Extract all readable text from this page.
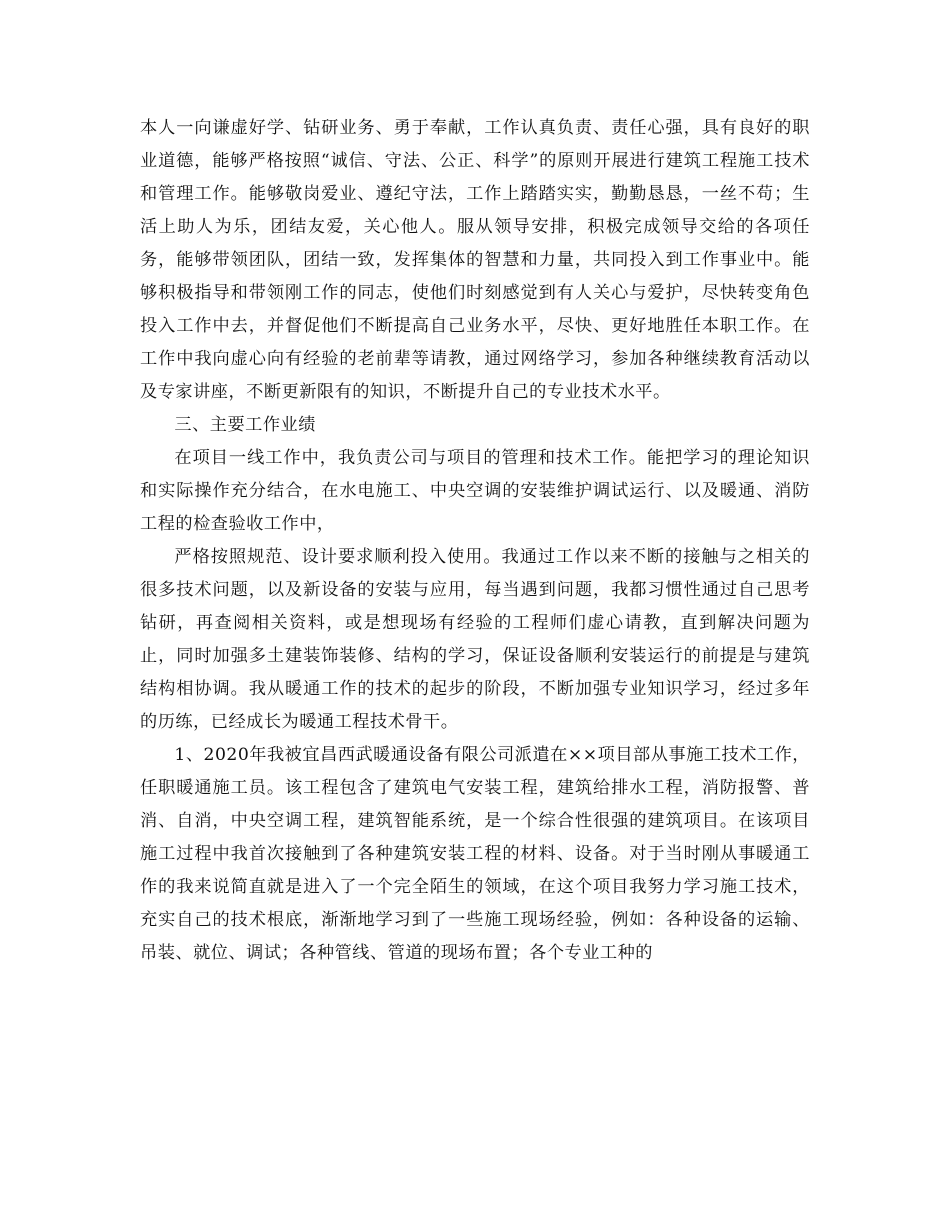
本人一向谦虚好学、钻研业务、勇于奉献，工作认真负责、责任心强，具有良好的职业道德，能够严格按照“诚信、守法、公正、科学”的原则开展进行建筑工程施工技术和管理工作。能够敬岗爱业、遵纪守法，工作上踏踏实实，勤勤恳恳，一丝不苟；生活上助人为乐，团结友爱，关心他人。服从领导安排，积极完成领导交给的各项任务，能够带领团队，团结一致，发挥集体的智慧和力量，共同投入到工作事业中。能够积极指导和带领刚工作的同志，使他们时刻感觉到有人关心与爱护，尽快转变角色投入工作中去，并督促他们不断提高自己业务水平，尽快、更好地胜任本职工作。在工作中我向虚心向有经验的老前辈等请教，通过网络学习，参加各种继续教育活动以及专家讲座，不断更新限有的知识，不断提升自己的专业技术水平。

三、主要工作业绩

在项目一线工作中，我负责公司与项目的管理和技术工作。能把学习的理论知识和实际操作充分结合，在水电施工、中央空调的安装维护调试运行、以及暖通、消防工程的检查验收工作中，

严格按照规范、设计要求顺利投入使用。我通过工作以来不断的接触与之相关的很多技术问题，以及新设备的安装与应用，每当遇到问题，我都习惯性通过自己思考钻研，再查阅相关资料，或是想现场有经验的工程师们虚心请教，直到解决问题为止，同时加强多土建装饰装修、结构的学习，保证设备顺利安装运行的前提是与建筑结构相协调。我从暖通工作的技术的起步的阶段，不断加强专业知识学习，经过多年的历练，已经成长为暖通工程技术骨干。

1、2020年我被宜昌西武暖通设备有限公司派遣在××项目部从事施工技术工作，任职暖通施工员。该工程包含了建筑电气安装工程，建筑给排水工程，消防报警、普消、自消，中央空调工程，建筑智能系统，是一个综合性很强的建筑项目。在该项目施工过程中我首次接触到了各种建筑安装工程的材料、设备。对于当时刚从事暖通工作的我来说简直就是进入了一个完全陌生的领域，在这个项目我努力学习施工技术，充实自己的技术根底，渐渐地学习到了一些施工现场经验，例如：各种设备的运输、吊装、就位、调试；各种管线、管道的现场布置；各个专业工种的
